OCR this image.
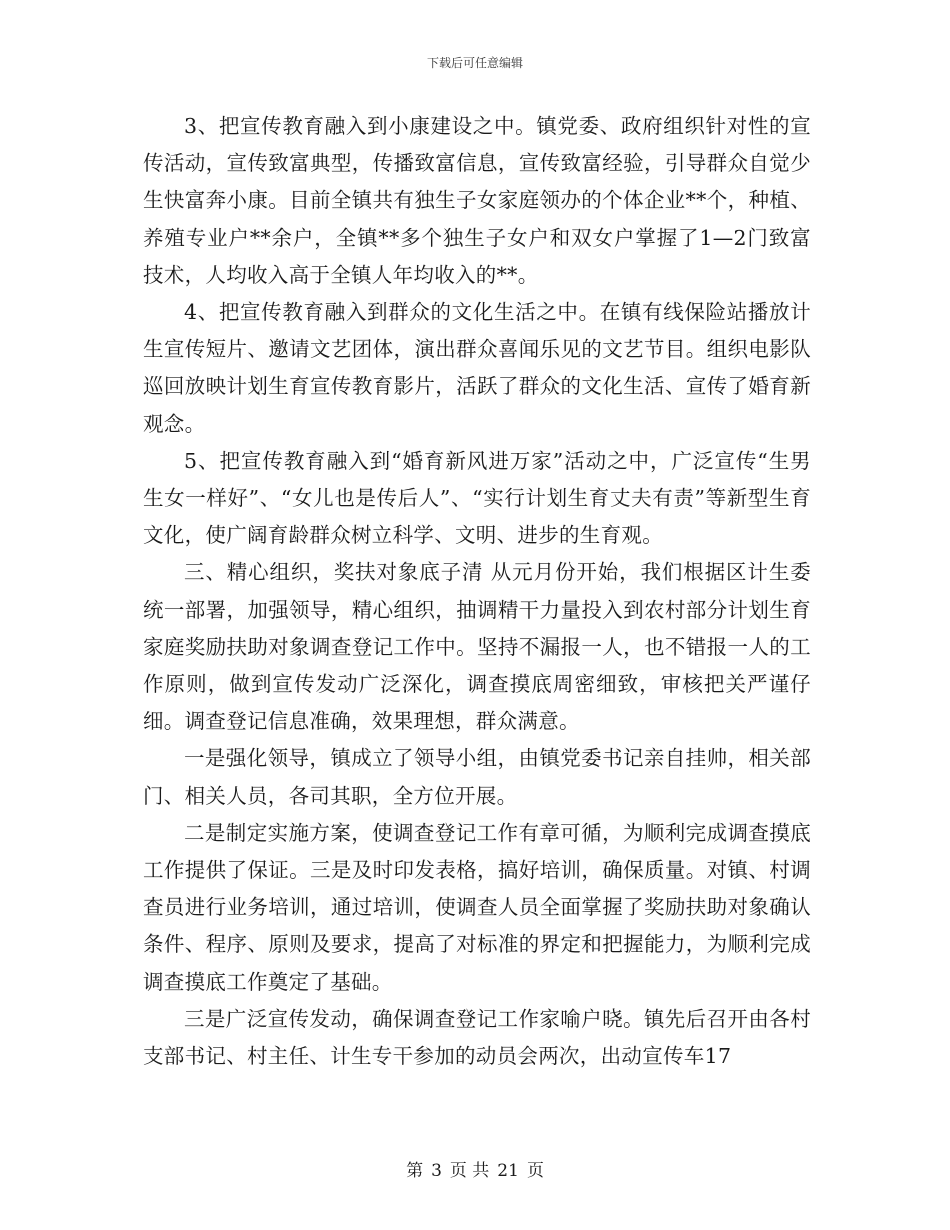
下载后可任意编辑

3、把宣传教育融入到小康建设之中。镇党委、政府组织针对性的宣传活动，宣传致富典型，传播致富信息，宣传致富经验，引导群众自觉少生快富奔小康。目前全镇共有独生子女家庭领办的个体企业**个，种植、养殖专业户**余户，全镇**多个独生子女户和双女户掌握了1—2门致富技术，人均收入高于全镇人年均收入的**。

4、把宣传教育融入到群众的文化生活之中。在镇有线保险站播放计生宣传短片、邀请文艺团体，演出群众喜闻乐见的文艺节目。组织电影队巡回放映计划生育宣传教育影片，活跃了群众的文化生活、宣传了婚育新观念。

5、把宣传教育融入到“婚育新风进万家”活动之中，广泛宣传“生男生女一样好”、“女儿也是传后人”、“实行计划生育丈夫有责”等新型生育文化，使广阔育龄群众树立科学、文明、进步的生育观。

三、精心组织，奖扶对象底子清 从元月份开始，我们根据区计生委统一部署，加强领导，精心组织，抽调精干力量投入到农村部分计划生育家庭奖励扶助对象调查登记工作中。坚持不漏报一人，也不错报一人的工作原则，做到宣传发动广泛深化，调查摸底周密细致，审核把关严谨仔细。调查登记信息准确，效果理想，群众满意。

一是强化领导，镇成立了领导小组，由镇党委书记亲自挂帅，相关部门、相关人员，各司其职，全方位开展。

二是制定实施方案，使调查登记工作有章可循，为顺利完成调查摸底工作提供了保证。三是及时印发表格，搞好培训，确保质量。对镇、村调查员进行业务培训，通过培训，使调查人员全面掌握了奖励扶助对象确认条件、程序、原则及要求，提高了对标准的界定和把握能力，为顺利完成调查摸底工作奠定了基础。

三是广泛宣传发动，确保调查登记工作家喻户晓。镇先后召开由各村支部书记、村主任、计生专干参加的动员会两次，出动宣传车17

第 3 页 共 21 页
